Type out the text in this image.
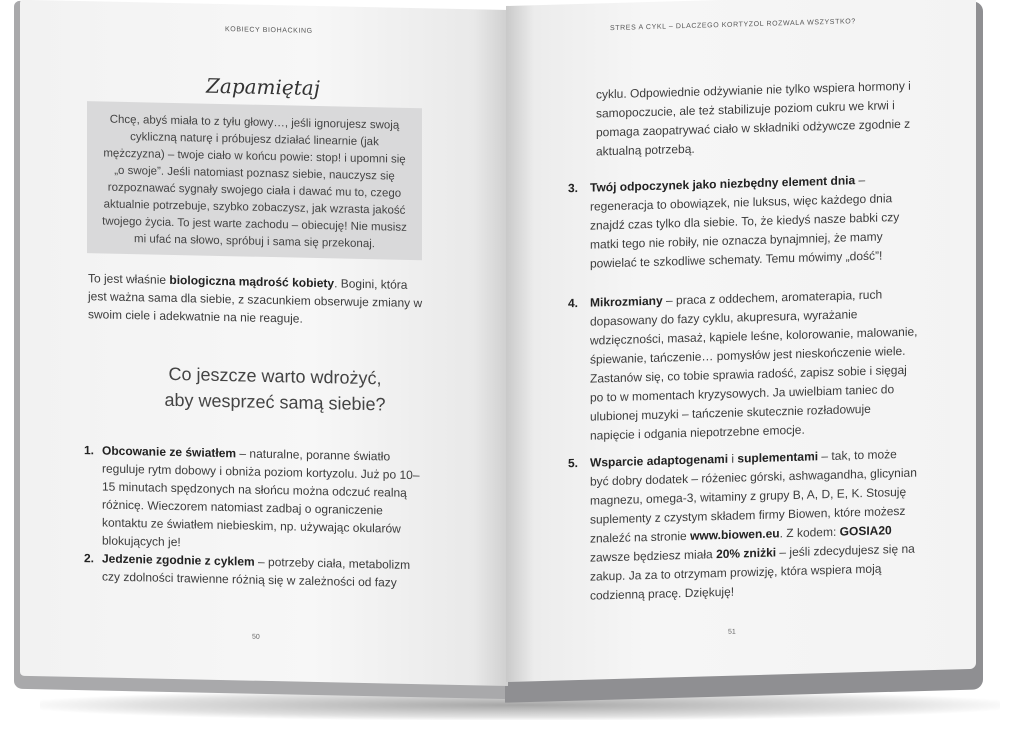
KOBIECY BIOHACKING
Zapamiętaj

Chcę, abyś miała to z tyłu głowy…, jeśli ignorujesz swoją cykliczną naturę i próbujesz działać linearnie (jak mężczyzna) – twoje ciało w końcu powie: stop! i upomni się „o swoje”. Jeśli natomiast poznasz siebie, nauczysz się rozpoznawać sygnały swojego ciała i dawać mu to, czego aktualnie potrzebuje, szybko zobaczysz, jak wzrasta jakość twojego życia. To jest warte zachodu – obiecuję! Nie musisz mi ufać na słowo, spróbuj i sama się przekonaj.

To jest właśnie biologiczna mądrość kobiety. Bogini, która jest ważna sama dla siebie, z szacunkiem obserwuje zmiany w swoim ciele i adekwatnie na nie reaguje.
Co jeszcze warto wdrożyć,
aby wesprzeć samą siebie?
1. Obcowanie ze światłem – naturalne, poranne światło reguluje rytm dobowy i obniża poziom kortyzolu. Już po 10–15 minutach spędzonych na słońcu można odczuć realną różnicę. Wieczorem natomiast zadbaj o ograniczenie kontaktu ze światłem niebieskim, np. używając okularów blokujących je!
2. Jedzenie zgodnie z cyklem – potrzeby ciała, metabolizm czy zdolności trawienne różnią się w zależności od fazy
50
STRES A CYKL – DLACZEGO KORTYZOL ROZWALA WSZYSTKO?
cyklu. Odpowiednie odżywianie nie tylko wspiera hormony i samopoczucie, ale też stabilizuje poziom cukru we krwi i pomaga zaopatrywać ciało w składniki odżywcze zgodnie z aktualną potrzebą.
3. Twój odpoczynek jako niezbędny element dnia – regeneracja to obowiązek, nie luksus, więc każdego dnia znajdź czas tylko dla siebie. To, że kiedyś nasze babki czy matki tego nie robiły, nie oznacza bynajmniej, że mamy powielać te szkodliwe schematy. Temu mówimy „dość”!
4. Mikrozmiany – praca z oddechem, aromaterapia, ruch dopasowany do fazy cyklu, akupresura, wyrażanie wdzięczności, masaż, kąpiele leśne, kolorowanie, malowanie, śpiewanie, tańczenie… pomysłów jest nieskończenie wiele. Zastanów się, co tobie sprawia radość, zapisz sobie i sięgaj po to w momentach kryzysowych. Ja uwielbiam taniec do ulubionej muzyki – tańczenie skutecznie rozładowuje napięcie i odgania niepotrzebne emocje.
5. Wsparcie adaptogenami i suplementami – tak, to może być dobry dodatek – różeniec górski, ashwagandha, glicynian magnezu, omega-3, witaminy z grupy B, A, D, E, K. Stosuję suplementy z czystym składem firmy Biowen, które możesz znaleźć na stronie www.biowen.eu. Z kodem: GOSIA20 zawsze będziesz miała 20% zniżki – jeśli zdecydujesz się na zakup. Ja za to otrzymam prowizję, która wspiera moją codzienną pracę. Dziękuję!
51
